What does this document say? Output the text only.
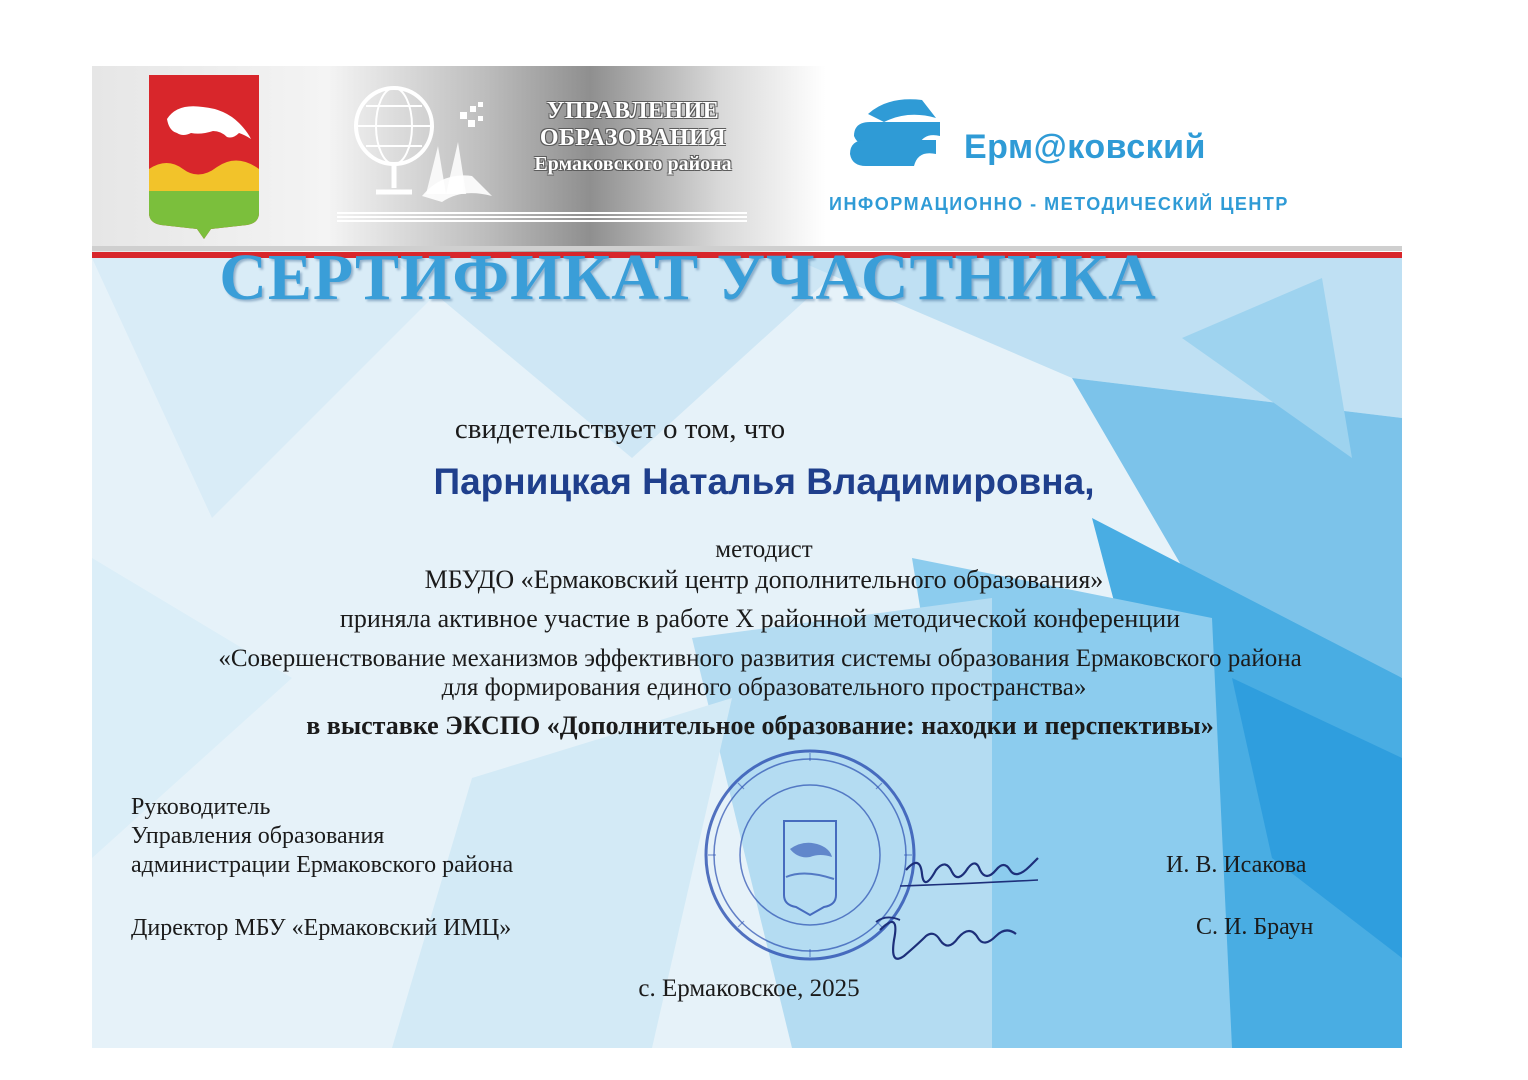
УПРАВЛЕНИЕ
ОБРАЗОВАНИЯ
Ермаковского района	Ерм@ковский
ИНФОРМАЦИОННО - МЕТОДИЧЕСКИЙ ЦЕНТР
СЕРТИФИКАТ УЧАСТНИКА
свидетельствует о том, что
Парницкая Наталья Владимировна,
методист
МБУДО «Ермаковский центр дополнительного образования»
приняла активное участие в работе X районной методической конференции
«Совершенствование механизмов эффективного развития системы образования Ермаковского района
для формирования единого образовательного пространства»
в выставке ЭКСПО «Дополнительное образование: находки и перспективы»
Руководитель
Управления образования
администрации Ермаковского района
Директор МБУ «Ермаковский ИМЦ»
И. В. Исакова
С. И. Браун
с. Ермаковское, 2025
